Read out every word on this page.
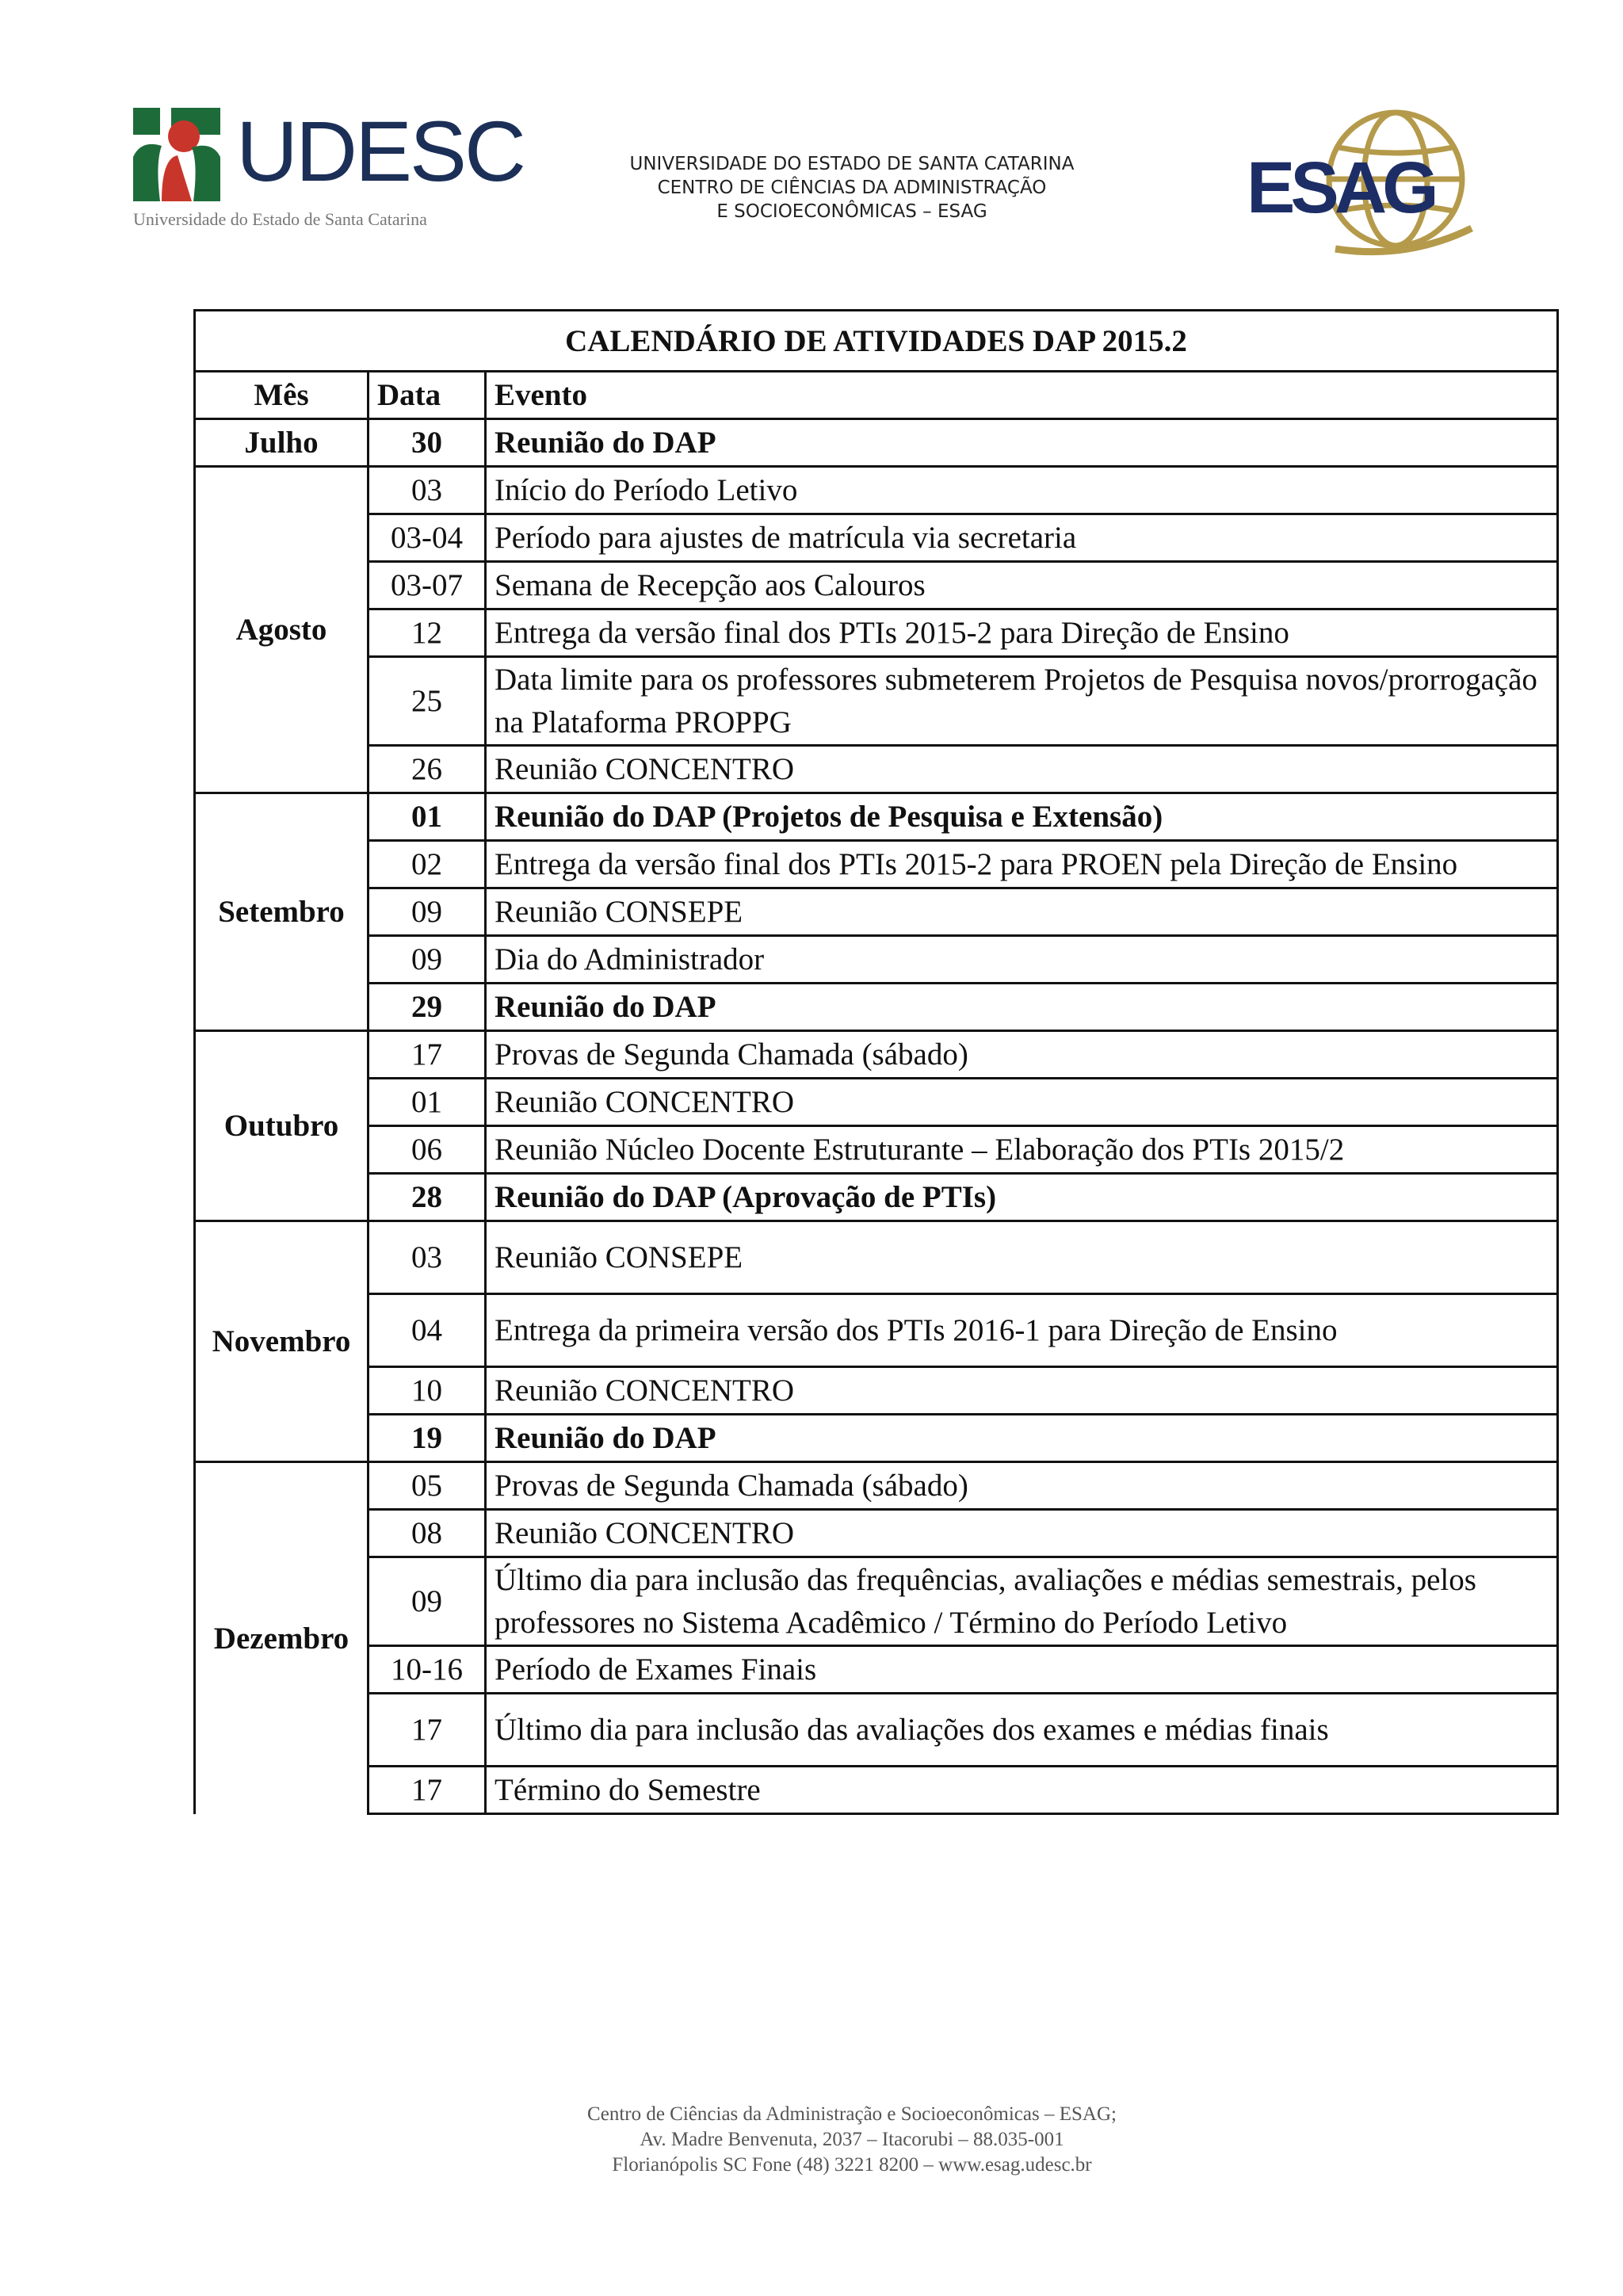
UDESC
Universidade do Estado de Santa Catarina
UNIVERSIDADE DO ESTADO DE SANTA CATARINA
CENTRO DE CIÊNCIAS DA ADMINISTRAÇÃO
E SOCIOECONÔMICAS – ESAG	ESAG
CALENDÁRIO DE ATIVIDADES DAP 2015.2		
Mês	Data	Evento
Julho	30	Reunião do DAP
Agosto	03	Início do Período Letivo
	03-04	Período para ajustes de matrícula via secretaria
	03-07	Semana de Recepção aos Calouros
	12	Entrega da versão final dos PTIs 2015-2 para Direção de Ensino
	25	Data limite para os professores submeterem Projetos de Pesquisa novos/prorrogação na Plataforma PROPPG
	26	Reunião CONCENTRO
Setembro	01	Reunião do DAP (Projetos de Pesquisa e Extensão)
	02	Entrega da versão final dos PTIs 2015-2 para PROEN pela Direção de Ensino
	09	Reunião CONSEPE
	09	Dia do Administrador
	29	Reunião do DAP
Outubro	17	Provas de Segunda Chamada (sábado)
	01	Reunião CONCENTRO
	06	Reunião Núcleo Docente Estruturante – Elaboração dos PTIs 2015/2
	28	Reunião do DAP (Aprovação de PTIs)
Novembro	03	Reunião CONSEPE
	04	Entrega da primeira versão dos PTIs 2016-1 para Direção de Ensino
	10	Reunião CONCENTRO
	19	Reunião do DAP
Dezembro	05	Provas de Segunda Chamada (sábado)
	08	Reunião CONCENTRO
	09	Último dia para inclusão das frequências, avaliações e médias semestrais, pelos professores no Sistema Acadêmico / Término do Período Letivo
	10-16	Período de Exames Finais
	17	Último dia para inclusão das avaliações dos exames e médias finais
	17	Término do Semestre
Centro de Ciências da Administração e Socioeconômicas – ESAG;
Av. Madre Benvenuta, 2037 – Itacorubi – 88.035-001
Florianópolis SC Fone (48) 3221 8200 – www.esag.udesc.br
